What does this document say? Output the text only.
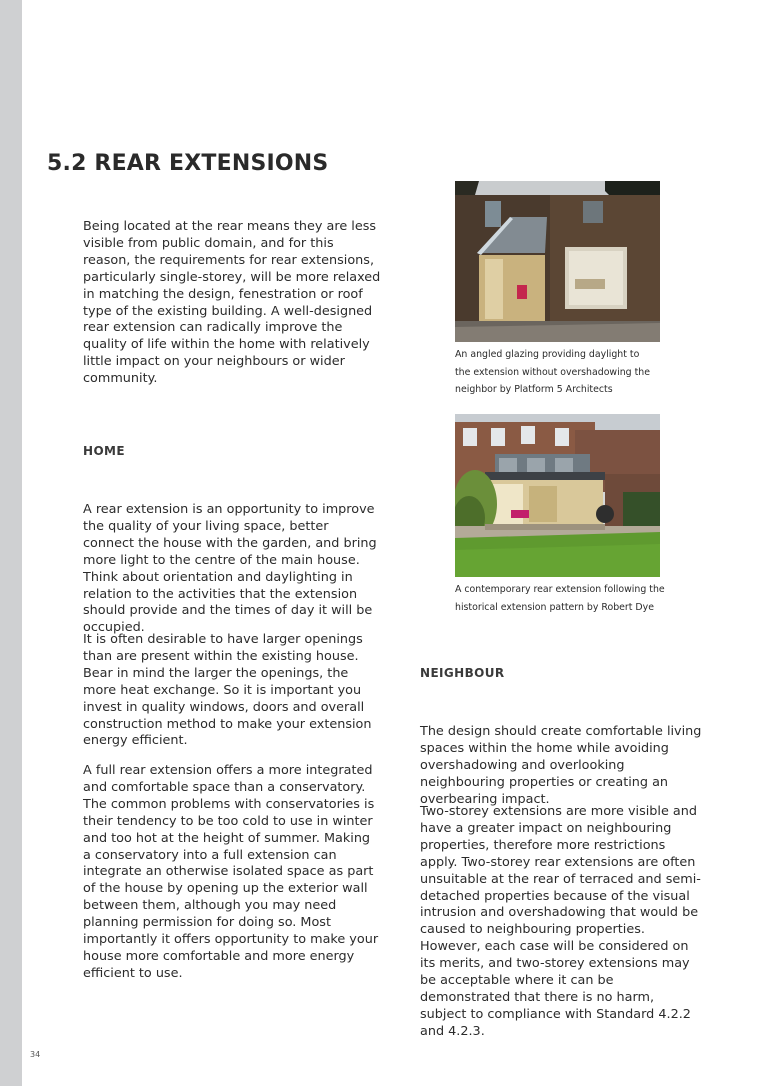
5.2 REAR EXTENSIONS

Being located at the rear means they are less visible from public domain, and for this reason, the requirements for rear extensions, particularly single-storey, will be more relaxed in matching the design, fenestration or roof type of the existing building. A well-designed rear extension can radically improve the quality of life within the home with relatively little impact on your neighbours or wider community.

HOME

A rear extension is an opportunity to improve the quality of your living space, better connect the house with the garden, and bring more light to the centre of the main house. Think about orientation and daylighting in relation to the activities that the extension should provide and the times of day it will be occupied.

It is often desirable to have larger openings than are present within the existing house. Bear in mind the larger the openings, the more heat exchange. So it is important you invest in quality windows, doors and overall construction method to make your extension energy efficient.

A full rear extension offers a more integrated and comfortable space than a conservatory. The common problems with conservatories is their tendency to be too cold to use in winter and too hot at the height of summer. Making a conservatory into a full extension can integrate an otherwise isolated space as part of the house by opening up the exterior wall between them, although you may need planning permission for doing so. Most importantly it offers opportunity to make your house more comfortable and more energy efficient to use.

An angled glazing providing daylight to
the extension without overshadowing the
neighbor by Platform 5 Architects

A contemporary rear extension following the
historical extension pattern by Robert Dye

NEIGHBOUR

The design should create comfortable living spaces within the home while avoiding overshadowing and overlooking neighbouring properties or creating an overbearing impact.

Two-storey extensions are more visible and have a greater impact on neighbouring properties, therefore more restrictions apply. Two-storey rear extensions are often unsuitable at the rear of terraced and semi-detached properties because of the visual intrusion and overshadowing that would be caused to neighbouring properties. However, each case will be considered on its merits, and two-storey extensions may be acceptable where it can be demonstrated that there is no harm, subject to compliance with Standard 4.2.2 and 4.2.3.

34
